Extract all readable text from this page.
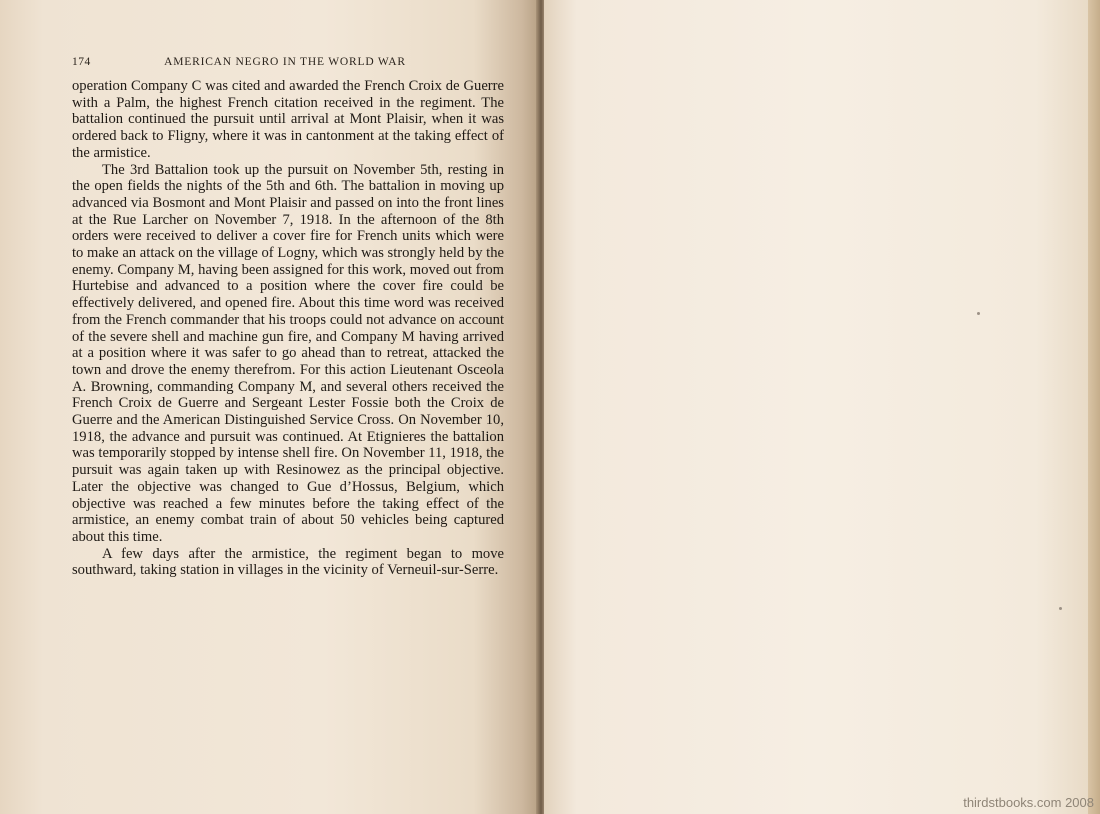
174	AMERICAN NEGRO IN THE WORLD WAR

operation Company C was cited and awarded the French Croix de Guerre with a Palm, the highest French citation received in the regiment. The battalion continued the pursuit until arrival at Mont Plaisir, when it was ordered back to Fligny, where it was in cantonment at the taking effect of the armistice.

The 3rd Battalion took up the pursuit on November 5th, resting in the open fields the nights of the 5th and 6th. The battalion in moving up advanced via Bosmont and Mont Plaisir and passed on into the front lines at the Rue Larcher on November 7, 1918. In the afternoon of the 8th orders were received to deliver a cover fire for French units which were to make an attack on the village of Logny, which was strongly held by the enemy. Company M, having been assigned for this work, moved out from Hurtebise and advanced to a position where the cover fire could be effectively delivered, and opened fire. About this time word was received from the French commander that his troops could not advance on account of the severe shell and machine gun fire, and Company M having arrived at a position where it was safer to go ahead than to retreat, attacked the town and drove the enemy therefrom. For this action Lieutenant Osceola A. Browning, commanding Company M, and several others received the French Croix de Guerre and Sergeant Lester Fossie both the Croix de Guerre and the American Distinguished Service Cross. On November 10, 1918, the advance and pursuit was continued. At Etignieres the battalion was temporarily stopped by intense shell fire. On November 11, 1918, the pursuit was again taken up with Resinowez as the principal objective. Later the objective was changed to Gue d’Hossus, Belgium, which objective was reached a few minutes before the taking effect of the armistice, an enemy combat train of about 50 vehicles being captured about this time.

A few days after the armistice, the regiment began to move southward, taking station in villages in the vicinity of Verneuil-sur-Serre.

thirdstbooks.com 2008
